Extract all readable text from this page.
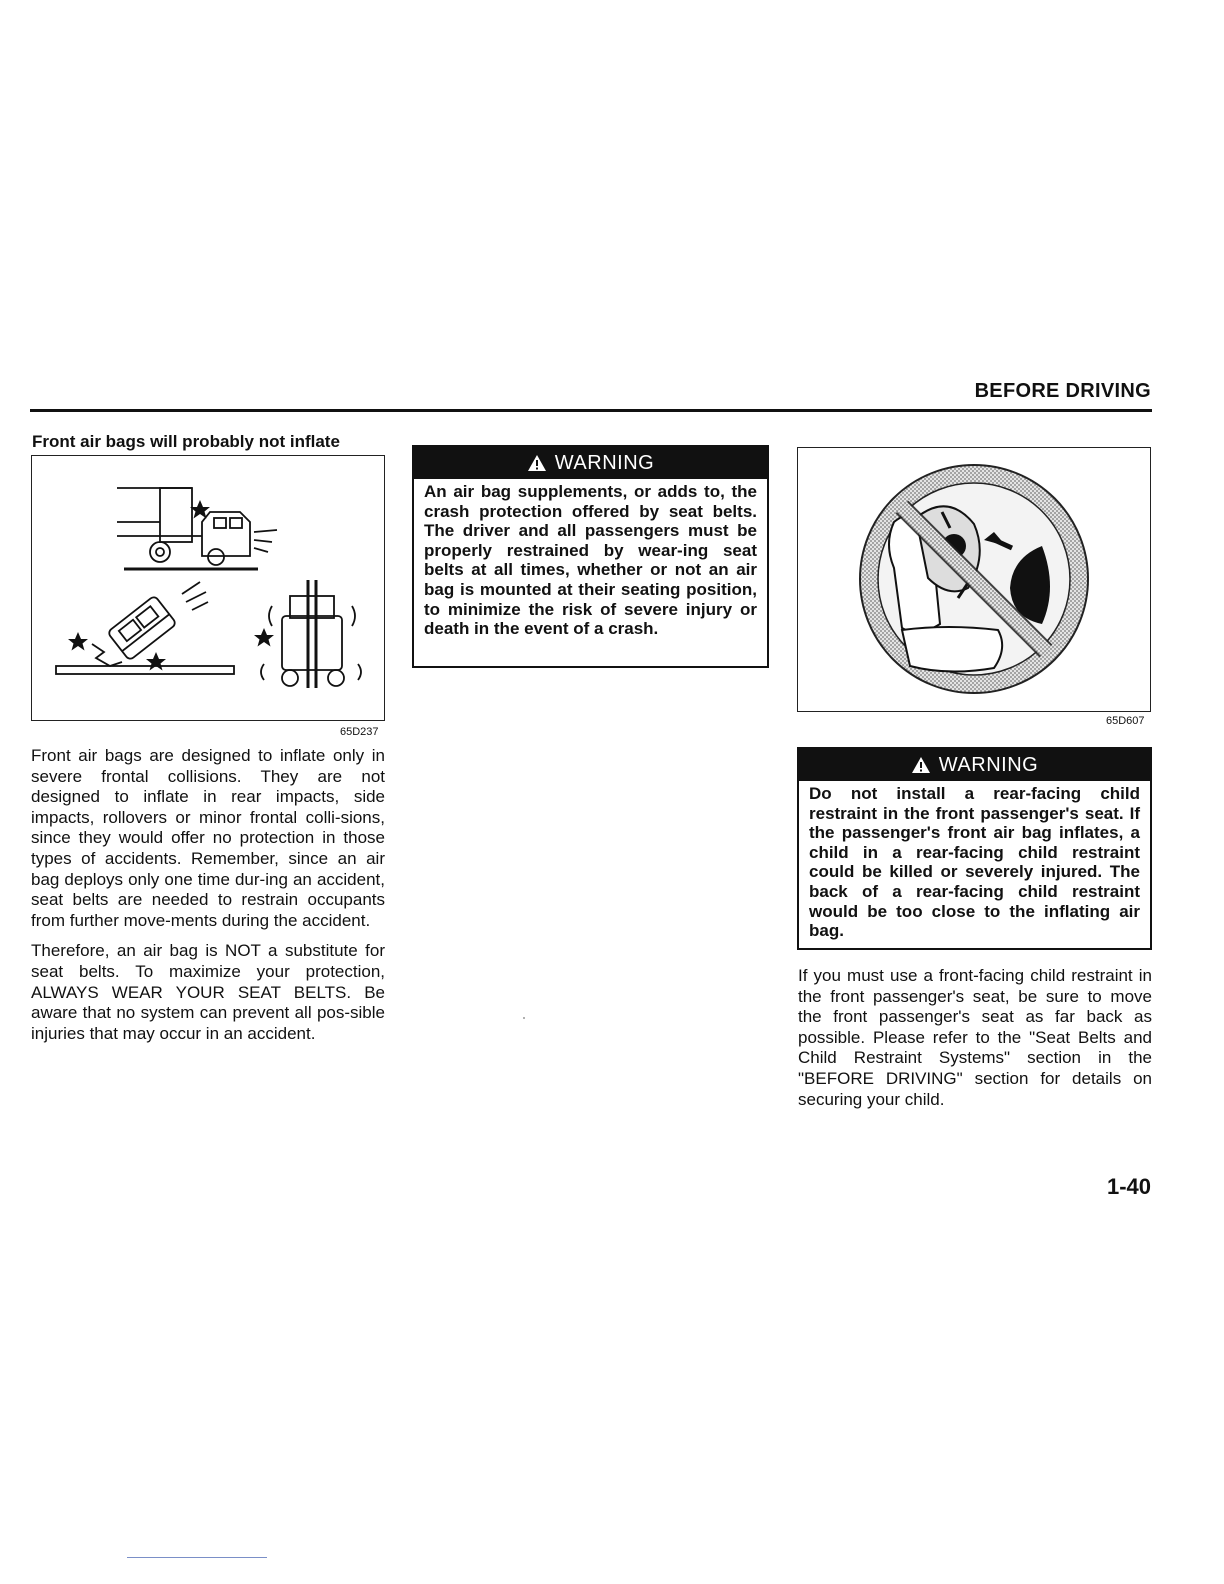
BEFORE DRIVING
Front air bags will probably not inflate
65D237

Front air bags are designed to inflate only in severe frontal collisions. They are not designed to inflate in rear impacts, side impacts, rollovers or minor frontal colli-sions, since they would offer no protection in those types of accidents. Remember, since an air bag deploys only one time dur-ing an accident, seat belts are needed to restrain occupants from further move-ments during the accident.

Therefore, an air bag is NOT a substitute for seat belts. To maximize your protection, ALWAYS WEAR YOUR SEAT BELTS. Be aware that no system can prevent all pos-sible injuries that may occur in an accident.

WARNING
An air bag supplements, or adds to, the crash protection offered by seat belts. The driver and all passengers must be properly restrained by wear-ing seat belts at all times, whether or not an air bag is mounted at their seating position, to minimize the risk of severe injury or death in the event of a crash.
65D607
WARNING
Do not install a rear-facing child restraint in the front passenger's seat. If the passenger's front air bag inflates, a child in a rear-facing child restraint could be killed or severely injured. The back of a rear-facing child restraint would be too close to the inflating air bag.

If you must use a front-facing child restraint in the front passenger's seat, be sure to move the front passenger's seat as far back as possible. Please refer to the "Seat Belts and Child Restraint Systems" section in the "BEFORE DRIVING" section for details on securing your child.

1-40
